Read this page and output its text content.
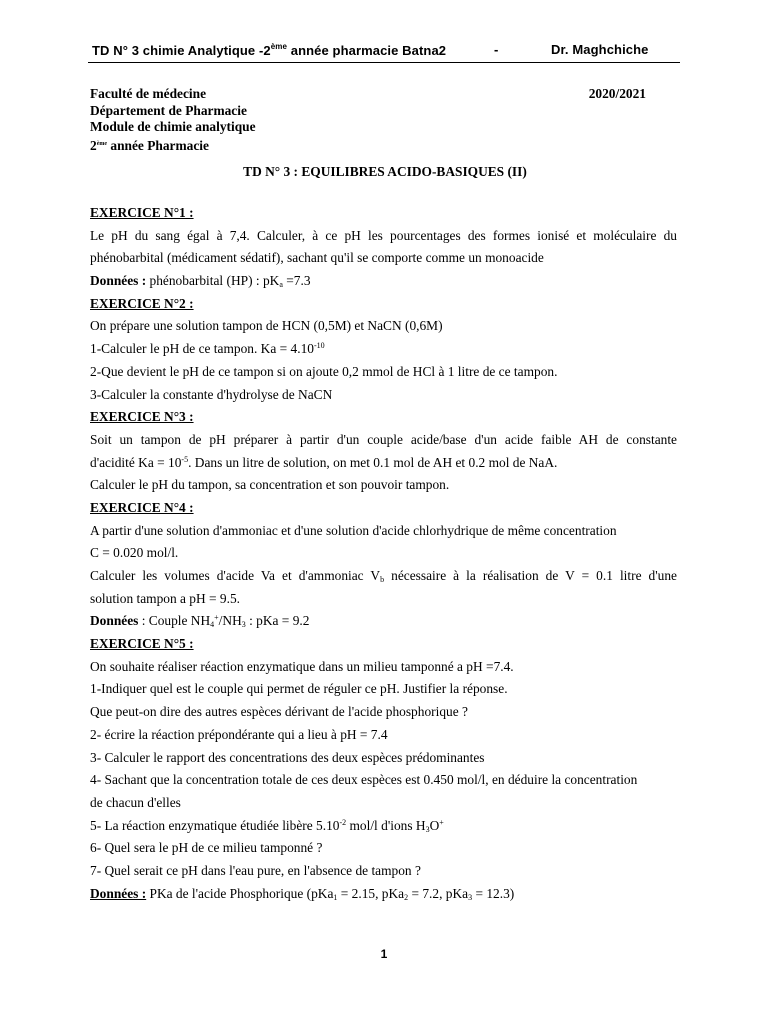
TD N° 3 chimie Analytique -2ème année pharmacie Batna2	-	Dr. Maghchiche
Faculté de médecine
Département de Pharmacie
Module de chimie analytique
2ème année Pharmacie
2020/2021
TD N° 3 : EQUILIBRES ACIDO-BASIQUES (II)
EXERCICE N°1 :
Le pH du sang égal à 7,4. Calculer, à ce pH les pourcentages des formes ionisé et moléculaire du
phénobarbital (médicament sédatif), sachant qu'il se comporte comme un monoacide
Données : phénobarbital (HP) : $pK_a =7.3$
EXERCICE N°2 :
On prépare une solution tampon de HCN (0,5M) et NaCN (0,6M)
1-Calculer le pH de ce tampon. $Ka = 4.10^{-10}$
2-Que devient le pH de ce tampon si on ajoute 0,2 mmol de HCl à 1 litre de ce tampon.
3-Calculer la constante d'hydrolyse de NaCN
EXERCICE N°3 :
Soit un tampon de pH préparer à partir d'un couple acide/base d'un acide faible AH de constante
d'acidité $Ka = 10^{-5}$. Dans un litre de solution, on met 0.1 mol de AH et 0.2 mol de NaA.
Calculer le pH du tampon, sa concentration et son pouvoir tampon.
EXERCICE N°4 :
A partir d'une solution d'ammoniac et d'une solution d'acide chlorhydrique de même concentration
C = 0.020 mol/l.
Calculer les volumes d'acide Va et d'ammoniac $V_b$ nécessaire à la réalisation de V = 0.1 litre d'une
solution tampon a pH = 9.5.
Données : Couple $NH_4^+/NH_3$ : pKa = 9.2
EXERCICE N°5 :
On souhaite réaliser réaction enzymatique dans un milieu tamponné a pH =7.4.
1-Indiquer quel est le couple qui permet de réguler ce pH. Justifier la réponse.
Que peut-on dire des autres espèces dérivant de l'acide phosphorique ?
2- écrire la réaction prépondérante qui a lieu à pH = 7.4
3- Calculer le rapport des concentrations des deux espèces prédominantes
4- Sachant que la concentration totale de ces deux espèces est 0.450 mol/l, en déduire la concentration
de chacun d'elles
5- La réaction enzymatique étudiée libère $5.10^{-2}$ mol/l d'ions $H_3O^+$
6- Quel sera le pH de ce milieu tamponné ?
7- Quel serait ce pH dans l'eau pure, en l'absence de tampon ?
Données : PKa de l'acide Phosphorique (pKa$_1$ = 2.15, pKa$_2$ = 7.2, pKa$_3$ = 12.3)
1
